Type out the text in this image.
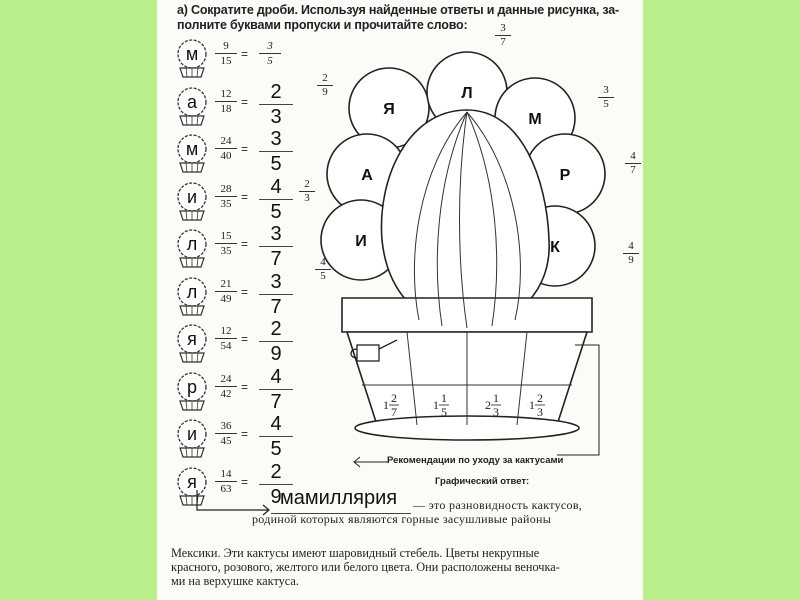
а) Сократите дроби. Используя найденные ответы и данные рисунка, за-
полните буквами пропуски и прочитайте слово:
м	9
15 =
3
5
а	12
18 =	2
3
м	24
40 =	3
5
и	28
35 =	4
5
л	15
35 =	3
7
л	21
49 =	3
7
я	12
54 =	2
9
р	24
42 =	4
7
и	36
45 =	4
5
я	14
63 =	2
9
Я
Л
М
А	Р
И	К
1 2
7	1 1
5	2 1
3	1 2
3
3
7
2
9
2
3
4
5
3
5
4
7
4
9
Рекомендации по уходу за кактусами
Графический ответ:
мамиллярия — это разновидность кактусов,
родиной которых являются горные засушливые районы
Мексики. Эти кактусы имеют шаровидный стебель. Цветы некрупные
красного, розового, желтого или белого цвета. Они расположены веночка-
ми на верхушке кактуса.
